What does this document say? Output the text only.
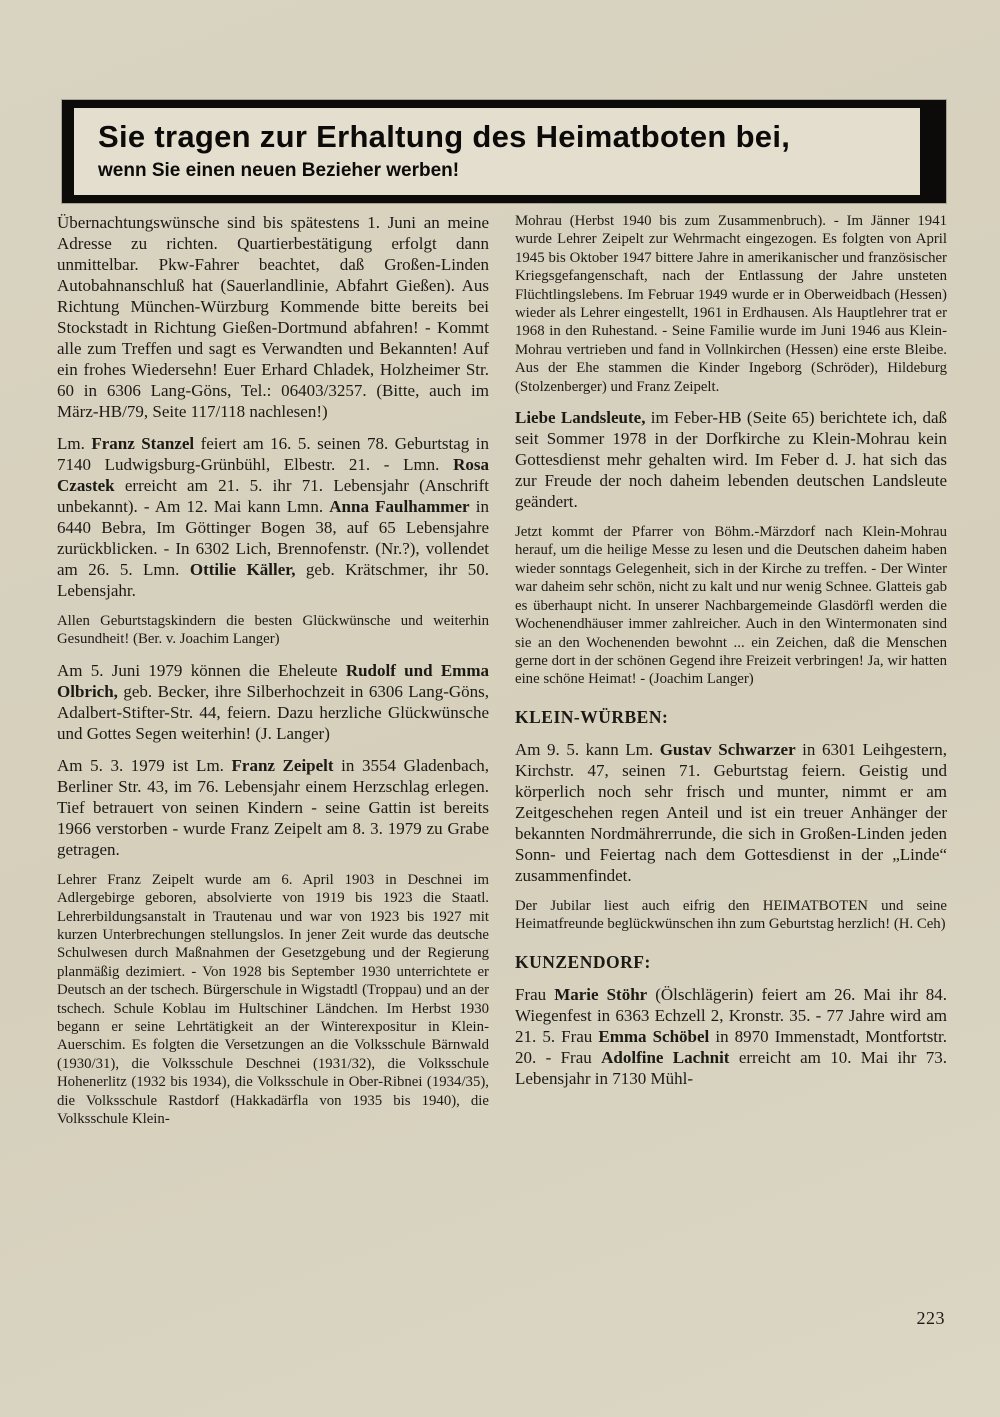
Sie tragen zur Erhaltung des Heimatboten bei,
wenn Sie einen neuen Bezieher werben!

Übernachtungswünsche sind bis spätestens 1. Juni an meine Adresse zu richten. Quartierbestätigung erfolgt dann unmittelbar. Pkw-Fahrer beachtet, daß Großen-Linden Autobahnanschluß hat (Sauerlandlinie, Abfahrt Gießen). Aus Richtung München-Würzburg Kommende bitte bereits bei Stockstadt in Richtung Gießen-Dortmund abfahren! - Kommt alle zum Treffen und sagt es Verwandten und Bekannten! Auf ein frohes Wiedersehn! Euer Erhard Chladek, Holzheimer Str. 60 in 6306 Lang-Göns, Tel.: 06403/3257. (Bitte, auch im März-HB/79, Seite 117/118 nachlesen!)

Lm. Franz Stanzel feiert am 16. 5. seinen 78. Geburtstag in 7140 Ludwigsburg-Grünbühl, Elbestr. 21. - Lmn. Rosa Czastek erreicht am 21. 5. ihr 71. Lebensjahr (Anschrift unbekannt). - Am 12. Mai kann Lmn. Anna Faulhammer in 6440 Bebra, Im Göttinger Bogen 38, auf 65 Lebensjahre zurückblicken. - In 6302 Lich, Brennofenstr. (Nr.?), vollendet am 26. 5. Lmn. Ottilie Käller, geb. Krätschmer, ihr 50. Lebensjahr.

Allen Geburtstagskindern die besten Glückwünsche und weiterhin Gesundheit! (Ber. v. Joachim Langer)

Am 5. Juni 1979 können die Eheleute Rudolf und Emma Olbrich, geb. Becker, ihre Silberhochzeit in 6306 Lang-Göns, Adalbert-Stifter-Str. 44, feiern. Dazu herzliche Glückwünsche und Gottes Segen weiterhin! (J. Langer)

Am 5. 3. 1979 ist Lm. Franz Zeipelt in 3554 Gladenbach, Berliner Str. 43, im 76. Lebensjahr einem Herzschlag erlegen. Tief betrauert von seinen Kindern - seine Gattin ist bereits 1966 verstorben - wurde Franz Zeipelt am 8. 3. 1979 zu Grabe getragen.

Lehrer Franz Zeipelt wurde am 6. April 1903 in Deschnei im Adlergebirge geboren, absolvierte von 1919 bis 1923 die Staatl. Lehrerbildungsanstalt in Trautenau und war von 1923 bis 1927 mit kurzen Unterbrechungen stellungslos. In jener Zeit wurde das deutsche Schulwesen durch Maßnahmen der Gesetzgebung und der Regierung planmäßig dezimiert. - Von 1928 bis September 1930 unterrichtete er Deutsch an der tschech. Bürgerschule in Wigstadtl (Troppau) und an der tschech. Schule Koblau im Hultschiner Ländchen. Im Herbst 1930 begann er seine Lehrtätigkeit an der Winterexpositur in Klein-Auerschim. Es folgten die Versetzungen an die Volksschule Bärnwald (1930/31), die Volksschule Deschnei (1931/32), die Volksschule Hohenerlitz (1932 bis 1934), die Volksschule in Ober-Ribnei (1934/35), die Volksschule Rastdorf (Hakkadärfla von 1935 bis 1940), die Volksschule Klein-

Mohrau (Herbst 1940 bis zum Zusammenbruch). - Im Jänner 1941 wurde Lehrer Zeipelt zur Wehrmacht eingezogen. Es folgten von April 1945 bis Oktober 1947 bittere Jahre in amerikanischer und französischer Kriegsgefangenschaft, nach der Entlassung der Jahre unsteten Flüchtlingslebens. Im Februar 1949 wurde er in Oberweidbach (Hessen) wieder als Lehrer eingestellt, 1961 in Erdhausen. Als Hauptlehrer trat er 1968 in den Ruhestand. - Seine Familie wurde im Juni 1946 aus Klein-Mohrau vertrieben und fand in Vollnkirchen (Hessen) eine erste Bleibe. Aus der Ehe stammen die Kinder Ingeborg (Schröder), Hildeburg (Stolzenberger) und Franz Zeipelt.

Liebe Landsleute, im Feber-HB (Seite 65) berichtete ich, daß seit Sommer 1978 in der Dorfkirche zu Klein-Mohrau kein Gottesdienst mehr gehalten wird. Im Feber d. J. hat sich das zur Freude der noch daheim lebenden deutschen Landsleute geändert.

Jetzt kommt der Pfarrer von Böhm.-Märzdorf nach Klein-Mohrau herauf, um die heilige Messe zu lesen und die Deutschen daheim haben wieder sonntags Gelegenheit, sich in der Kirche zu treffen. - Der Winter war daheim sehr schön, nicht zu kalt und nur wenig Schnee. Glatteis gab es überhaupt nicht. In unserer Nachbargemeinde Glasdörfl werden die Wochenendhäuser immer zahlreicher. Auch in den Wintermonaten sind sie an den Wochenenden bewohnt ... ein Zeichen, daß die Menschen gerne dort in der schönen Gegend ihre Freizeit verbringen! Ja, wir hatten eine schöne Heimat! - (Joachim Langer)

KLEIN-WÜRBEN:

Am 9. 5. kann Lm. Gustav Schwarzer in 6301 Leihgestern, Kirchstr. 47, seinen 71. Geburtstag feiern. Geistig und körperlich noch sehr frisch und munter, nimmt er am Zeitgeschehen regen Anteil und ist ein treuer Anhänger der bekannten Nordmährerrunde, die sich in Großen-Linden jeden Sonn- und Feiertag nach dem Gottesdienst in der „Linde“ zusammenfindet.

Der Jubilar liest auch eifrig den HEIMATBOTEN und seine Heimatfreunde beglückwünschen ihn zum Geburtstag herzlich! (H. Ceh)

KUNZENDORF:

Frau Marie Stöhr (Ölschlägerin) feiert am 26. Mai ihr 84. Wiegenfest in 6363 Echzell 2, Kronstr. 35. - 77 Jahre wird am 21. 5. Frau Emma Schöbel in 8970 Immenstadt, Montfortstr. 20. - Frau Adolfine Lachnit erreicht am 10. Mai ihr 73. Lebensjahr in 7130 Mühl-

223
